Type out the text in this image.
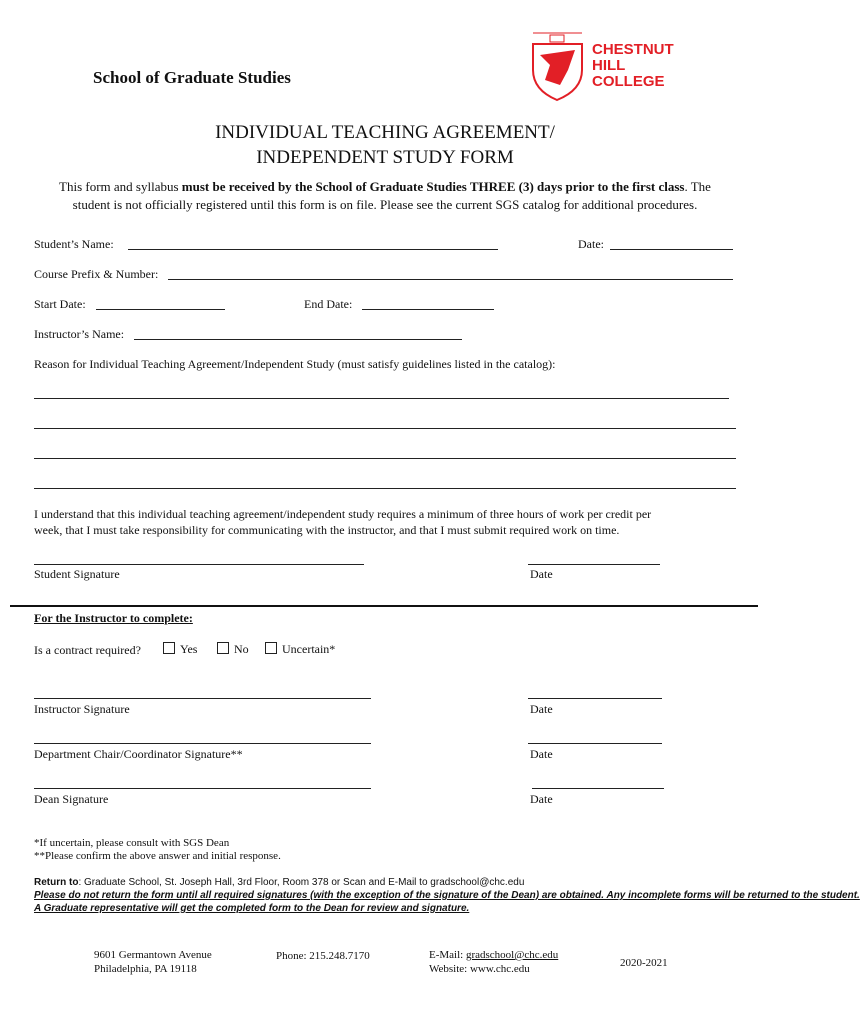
School of Graduate Studies
CHESTNUT
HILL
COLLEGE
INDIVIDUAL TEACHING AGREEMENT/
INDEPENDENT STUDY FORM
This form and syllabus must be received by the School of Graduate Studies THREE (3) days prior to the first class. The
student is not officially registered until this form is on file. Please see the current SGS catalog for additional procedures.
Student’s Name:	Date:
Course Prefix & Number:
Start Date:	End Date:
Instructor’s Name:
Reason for Individual Teaching Agreement/Independent Study (must satisfy guidelines listed in the catalog):
I understand that this individual teaching agreement/independent study requires a minimum of three hours of work per credit per
week, that I must take responsibility for communicating with the instructor, and that I must submit required work on time.
Student Signature	Date
For the Instructor to complete:
Is a contract required?	Yes	No	Uncertain*
Instructor Signature	Date
Department Chair/Coordinator Signature**	Date
Dean Signature	Date
*If uncertain, please consult with SGS Dean
**Please confirm the above answer and initial response.
Return to: Graduate School, St. Joseph Hall, 3rd Floor, Room 378 or Scan and E-Mail to gradschool@chc.edu
Please do not return the form until all required signatures (with the exception of the signature of the Dean) are obtained. Any incomplete forms will be returned to the student.
A Graduate representative will get the completed form to the Dean for review and signature.
9601 Germantown Avenue
Philadelphia, PA 19118
Phone: 215.248.7170	E-Mail: gradschool@chc.edu
Website: www.chc.edu	2020-2021
